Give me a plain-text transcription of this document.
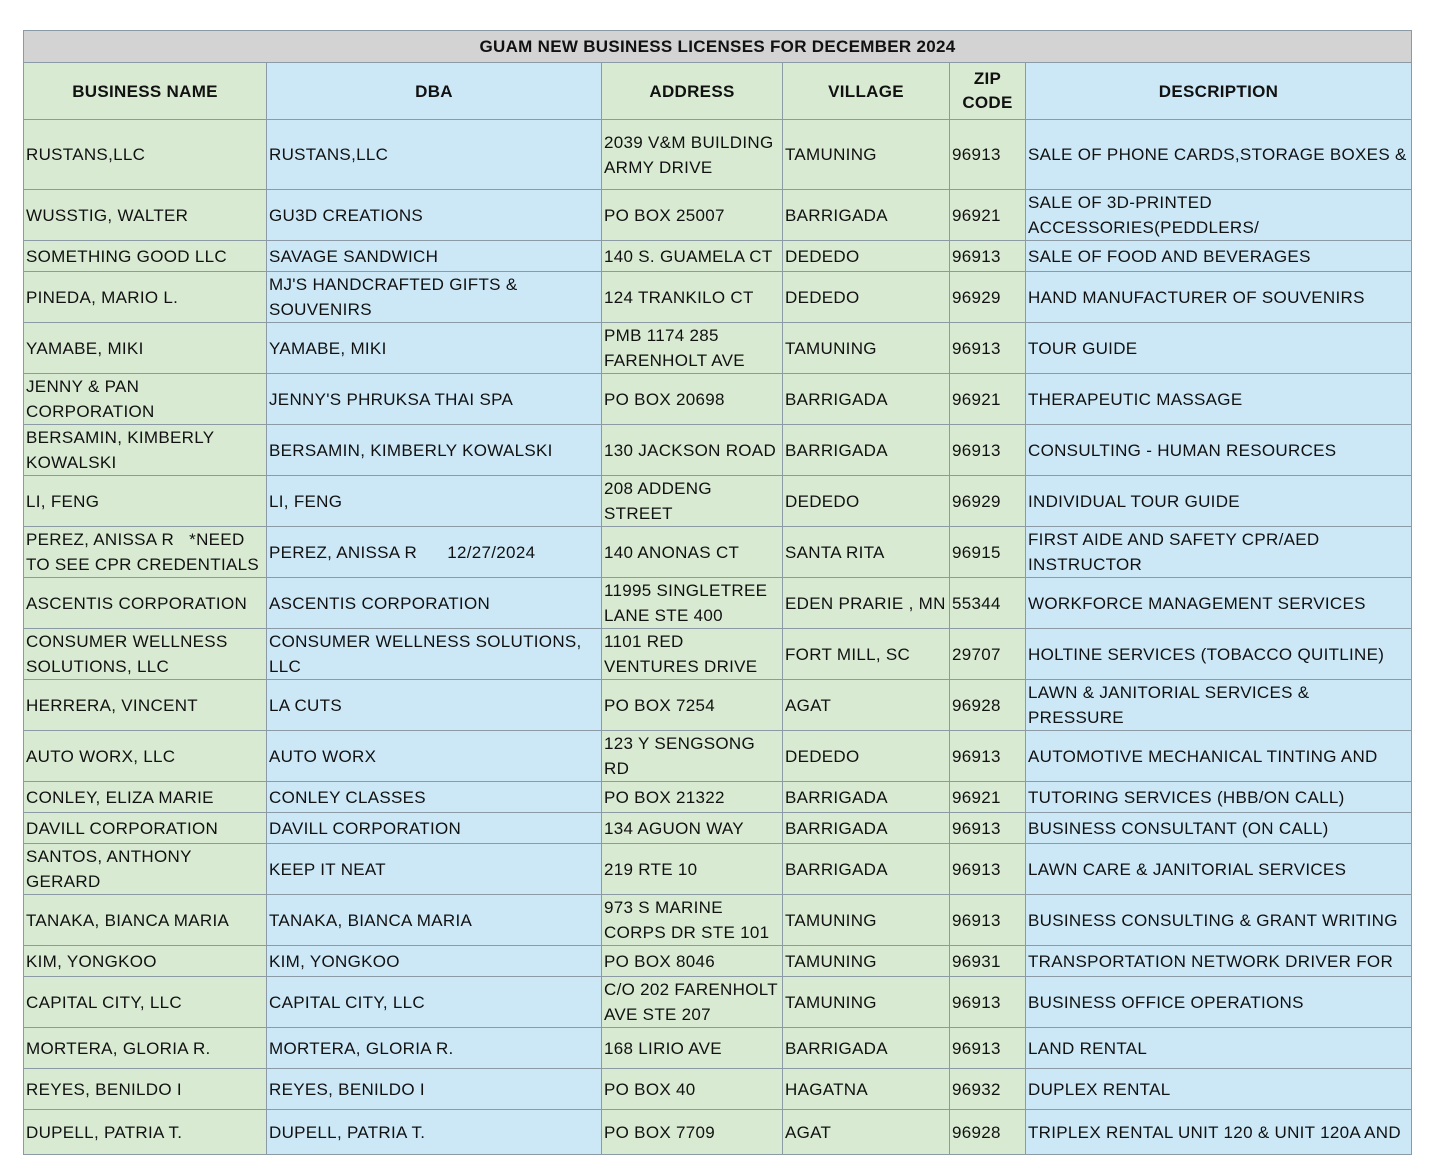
GUAM NEW BUSINESS LICENSES FOR DECEMBER 2024					
BUSINESS NAME	DBA	ADDRESS	VILLAGE	ZIP CODE	DESCRIPTION

RUSTANS,LLC	RUSTANS,LLC	2039 V&M BUILDING ARMY DRIVE	TAMUNING	96913	SALE OF PHONE CARDS,STORAGE BOXES &

WUSSTIG, WALTER	GU3D CREATIONS	PO BOX 25007	BARRIGADA	96921	SALE OF 3D-PRINTED ACCESSORIES(PEDDLERS/

SOMETHING GOOD LLC	SAVAGE SANDWICH	140 S. GUAMELA CT	DEDEDO	96913	SALE OF FOOD AND BEVERAGES

PINEDA, MARIO L.	MJ'S HANDCRAFTED GIFTS & SOUVENIRS	124 TRANKILO CT	DEDEDO	96929	HAND MANUFACTURER OF SOUVENIRS

YAMABE, MIKI	YAMABE, MIKI	PMB 1174 285 FARENHOLT AVE	TAMUNING	96913	TOUR GUIDE

JENNY & PAN CORPORATION	JENNY'S PHRUKSA THAI SPA	PO BOX 20698	BARRIGADA	96921	THERAPEUTIC MASSAGE

BERSAMIN, KIMBERLY KOWALSKI	BERSAMIN, KIMBERLY KOWALSKI	130 JACKSON ROAD	BARRIGADA	96913	CONSULTING - HUMAN RESOURCES

LI, FENG	LI, FENG	208 ADDENG STREET	DEDEDO	96929	INDIVIDUAL TOUR GUIDE

PEREZ, ANISSA R   *NEED TO SEE CPR CREDENTIALS	PEREZ, ANISSA R      12/27/2024	140 ANONAS CT	SANTA RITA	96915	FIRST AIDE AND SAFETY CPR/AED INSTRUCTOR

ASCENTIS CORPORATION	ASCENTIS CORPORATION	11995 SINGLETREE LANE STE 400	EDEN PRARIE , MN	55344	WORKFORCE MANAGEMENT SERVICES

CONSUMER WELLNESS SOLUTIONS, LLC	CONSUMER WELLNESS SOLUTIONS, LLC	1101 RED VENTURES DRIVE	FORT MILL, SC	29707	HOLTINE SERVICES (TOBACCO QUITLINE)

HERRERA, VINCENT	LA CUTS	PO BOX 7254	AGAT	96928	LAWN & JANITORIAL SERVICES & PRESSURE

AUTO WORX, LLC	AUTO WORX	123 Y SENGSONG RD	DEDEDO	96913	AUTOMOTIVE MECHANICAL TINTING AND

CONLEY, ELIZA MARIE	CONLEY CLASSES	PO BOX 21322	BARRIGADA	96921	TUTORING SERVICES (HBB/ON CALL)

DAVILL CORPORATION	DAVILL CORPORATION	134 AGUON WAY	BARRIGADA	96913	BUSINESS CONSULTANT (ON CALL)

SANTOS, ANTHONY GERARD	KEEP IT NEAT	219 RTE 10	BARRIGADA	96913	LAWN CARE & JANITORIAL SERVICES

TANAKA, BIANCA MARIA	TANAKA, BIANCA MARIA	973 S MARINE CORPS DR STE 101	TAMUNING	96913	BUSINESS CONSULTING & GRANT WRITING

KIM, YONGKOO	KIM, YONGKOO	PO BOX 8046	TAMUNING	96931	TRANSPORTATION NETWORK DRIVER FOR

CAPITAL CITY, LLC	CAPITAL CITY, LLC	C/O 202 FARENHOLT AVE STE 207	TAMUNING	96913	BUSINESS OFFICE OPERATIONS

MORTERA, GLORIA R.	MORTERA, GLORIA R.	168 LIRIO AVE	BARRIGADA	96913	LAND RENTAL

REYES, BENILDO I	REYES, BENILDO I	PO BOX 40	HAGATNA	96932	DUPLEX RENTAL

DUPELL, PATRIA T.	DUPELL, PATRIA T.	PO BOX 7709	AGAT	96928	TRIPLEX RENTAL UNIT 120 & UNIT 120A AND
